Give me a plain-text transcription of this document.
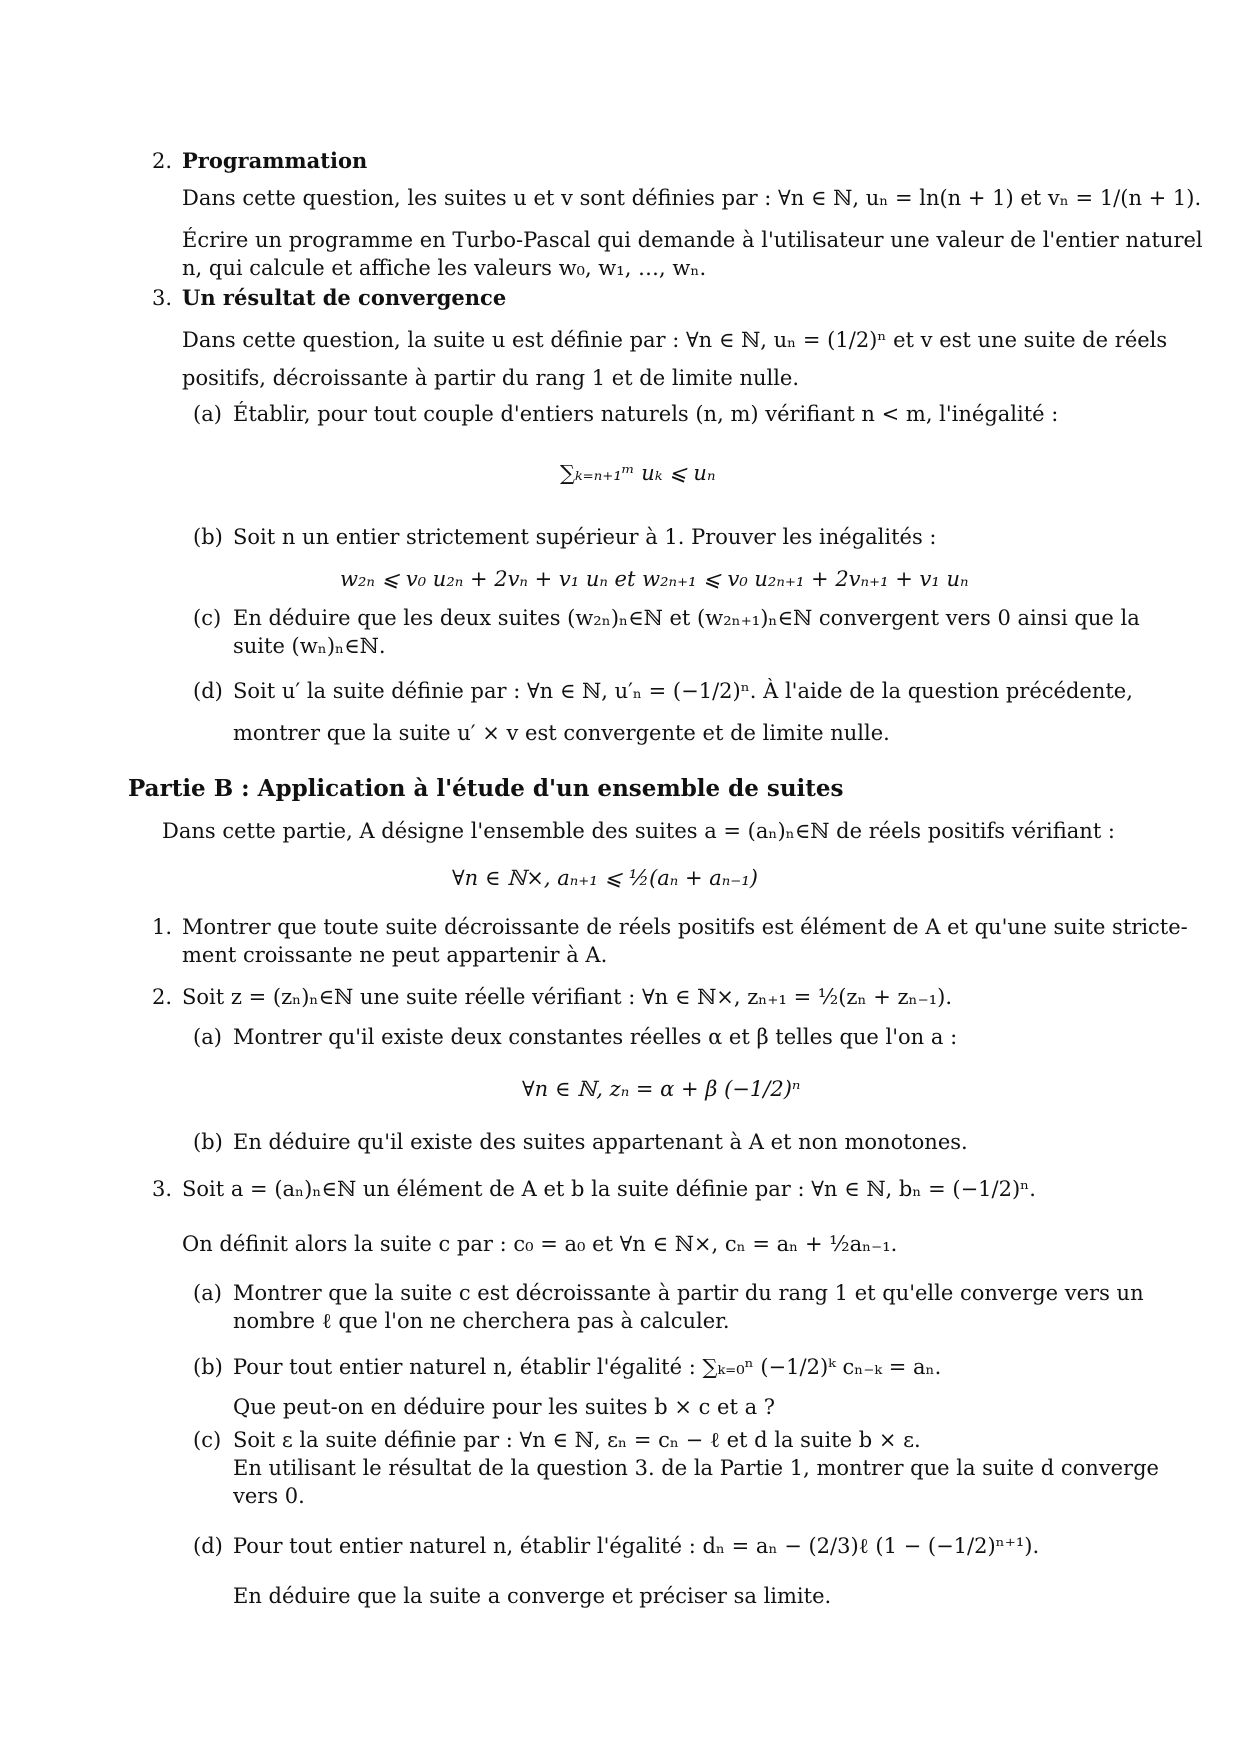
2. Programmation
Dans cette question, les suites u et v sont définies par : ∀n ∈ ℕ, uₙ = ln(n + 1) et vₙ = 1/(n + 1).
Écrire un programme en Turbo-Pascal qui demande à l'utilisateur une valeur de l'entier naturel
n, qui calcule et affiche les valeurs w₀, w₁, …, wₙ.
3. Un résultat de convergence
Dans cette question, la suite u est définie par : ∀n ∈ ℕ, uₙ = (1/2)ⁿ et v est une suite de réels
positifs, décroissante à partir du rang 1 et de limite nulle.
(a) Établir, pour tout couple d'entiers naturels (n, m) vérifiant n < m, l'inégalité :
∑ₖ₌ₙ₊₁ᵐ uₖ ⩽ uₙ
(b) Soit n un entier strictement supérieur à 1. Prouver les inégalités :
w₂ₙ ⩽ v₀ u₂ₙ + 2vₙ + v₁ uₙ et w₂ₙ₊₁ ⩽ v₀ u₂ₙ₊₁ + 2vₙ₊₁ + v₁ uₙ
(c) En déduire que les deux suites (w₂ₙ)ₙ∈ℕ et (w₂ₙ₊₁)ₙ∈ℕ convergent vers 0 ainsi que la
suite (wₙ)ₙ∈ℕ.
(d) Soit u′ la suite définie par : ∀n ∈ ℕ, u′ₙ = (−1/2)ⁿ. À l'aide de la question précédente,
montrer que la suite u′ × v est convergente et de limite nulle.
Partie B : Application à l'étude d'un ensemble de suites
Dans cette partie, A désigne l'ensemble des suites a = (aₙ)ₙ∈ℕ de réels positifs vérifiant :
∀n ∈ ℕ×, aₙ₊₁ ⩽ ½(aₙ + aₙ₋₁)
1. Montrer que toute suite décroissante de réels positifs est élément de A et qu'une suite stricte-
ment croissante ne peut appartenir à A.
2. Soit z = (zₙ)ₙ∈ℕ une suite réelle vérifiant : ∀n ∈ ℕ×, zₙ₊₁ = ½(zₙ + zₙ₋₁).
(a) Montrer qu'il existe deux constantes réelles α et β telles que l'on a :
∀n ∈ ℕ, zₙ = α + β (−1/2)ⁿ
(b) En déduire qu'il existe des suites appartenant à A et non monotones.
3. Soit a = (aₙ)ₙ∈ℕ un élément de A et b la suite définie par : ∀n ∈ ℕ, bₙ = (−1/2)ⁿ.
On définit alors la suite c par : c₀ = a₀ et ∀n ∈ ℕ×, cₙ = aₙ + ½aₙ₋₁.
(a) Montrer que la suite c est décroissante à partir du rang 1 et qu'elle converge vers un
nombre ℓ que l'on ne cherchera pas à calculer.
(b) Pour tout entier naturel n, établir l'égalité : ∑ₖ₌₀ⁿ (−1/2)ᵏ cₙ₋ₖ = aₙ.
Que peut-on en déduire pour les suites b × c et a ?
(c) Soit ε la suite définie par : ∀n ∈ ℕ, εₙ = cₙ − ℓ et d la suite b × ε.
En utilisant le résultat de la question 3. de la Partie 1, montrer que la suite d converge
vers 0.
(d) Pour tout entier naturel n, établir l'égalité : dₙ = aₙ − (2/3)ℓ (1 − (−1/2)ⁿ⁺¹).
En déduire que la suite a converge et préciser sa limite.
